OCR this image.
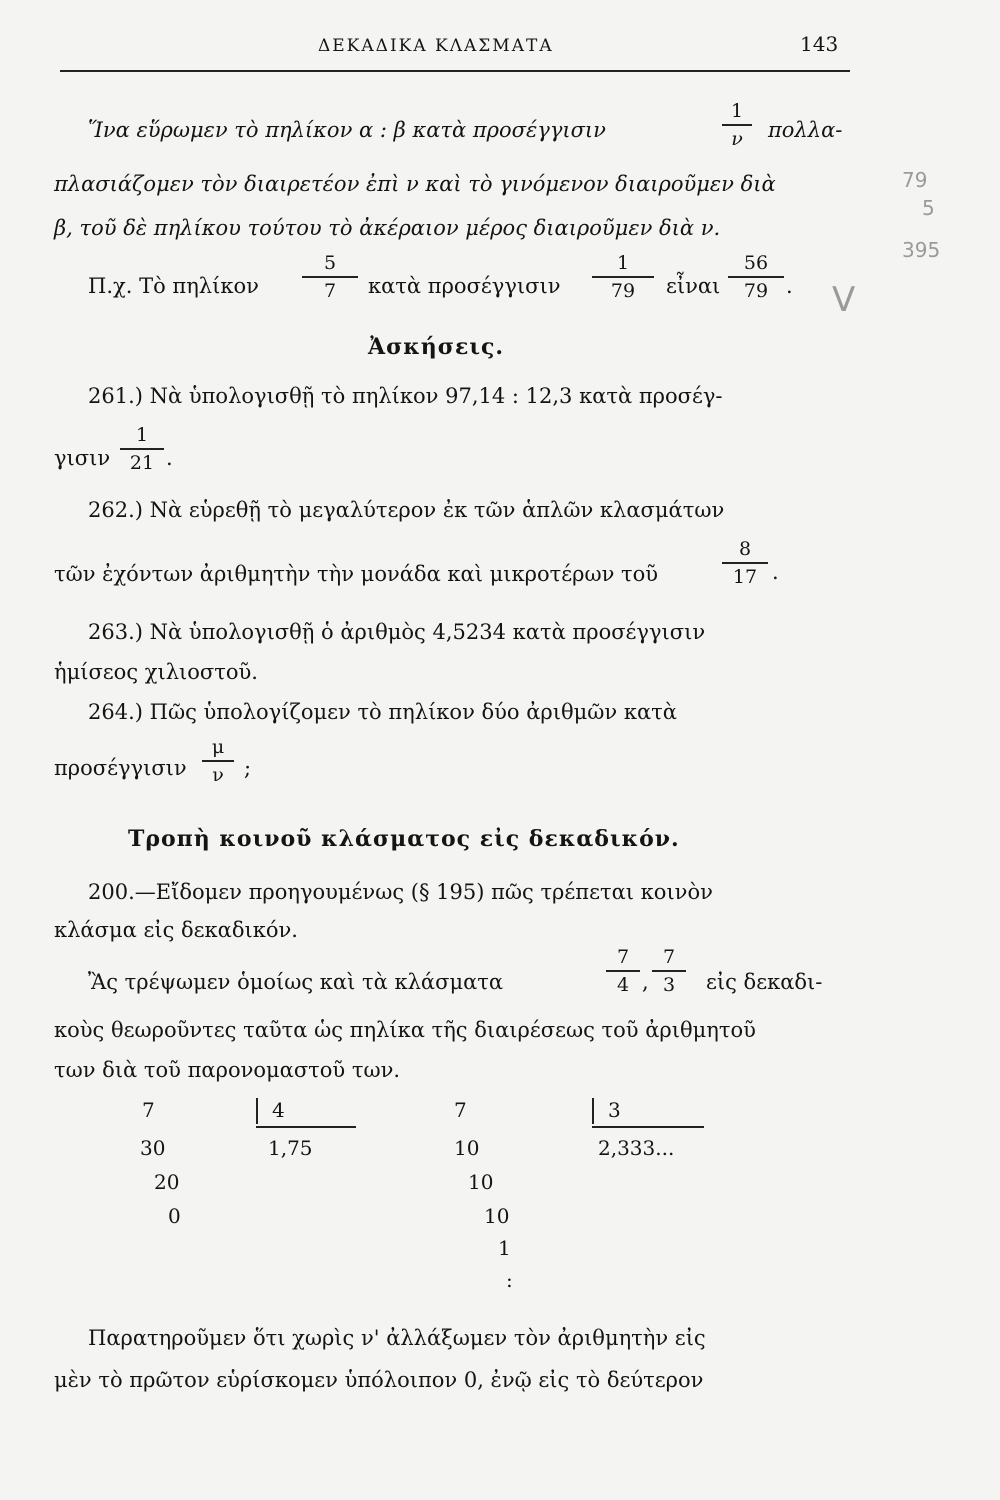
ΔΕΚΑΔΙΚΑ ΚΛΑΣΜΑΤΑ	143
Ἵνα εὕρωμεν τὸ πηλίκον α : β κατὰ προσέγγισιν
1
ν πολλα-
πλασιάζομεν τὸν διαιρετέον ἐπὶ ν καὶ τὸ γινόμενον διαιροῦμεν διὰ
β, τοῦ δὲ πηλίκου τούτου τὸ ἀκέραιον μέρος διαιροῦμεν διὰ ν.
Π.χ. Τὸ πηλίκον
5
7 κατὰ προσέγγισιν
1
79 εἶναι
56
79 .
Ἀσκήσεις.
261.) Νὰ ὑπολογισθῇ τὸ πηλίκον 97,14 : 12,3 κατὰ προσέγ-
γισιν
1
21 .
262.) Νὰ εὑρεθῇ τὸ μεγαλύτερον ἐκ τῶν ἁπλῶν κλασμάτων
τῶν ἐχόντων ἀριθμητὴν τὴν μονάδα καὶ μικροτέρων τοῦ
8
17 .
263.) Νὰ ὑπολογισθῇ ὁ ἀριθμὸς 4,5234 κατὰ προσέγγισιν
ἡμίσεος χιλιοστοῦ.
264.) Πῶς ὑπολογίζομεν τὸ πηλίκον δύο ἀριθμῶν κατὰ
προσέγγισιν
μ
ν ;
Τροπὴ κοινοῦ κλάσματος εἰς δεκαδικόν.
200.—Εἴδομεν προηγουμένως (§ 195) πῶς τρέπεται κοινὸν
κλάσμα εἰς δεκαδικόν.
Ἂς τρέψωμεν ὁμοίως καὶ τὰ κλάσματα
7
4 ,
7
3 εἰς δεκαδι-
κοὺς θεωροῦντες ταῦτα ὡς πηλίκα τῆς διαιρέσεως τοῦ ἀριθμητοῦ
των διὰ τοῦ παρονομαστοῦ των.
7	4
1,75
30
20
0
7	3
2,333...
10
10
10
1
:
Παρατηροῦμεν ὅτι χωρὶς ν' ἀλλάξωμεν τὸν ἀριθμητὴν εἰς
μὲν τὸ πρῶτον εὑρίσκομεν ὑπόλοιπον 0, ἐνῷ εἰς τὸ δεύτερον
79
5
395
V
